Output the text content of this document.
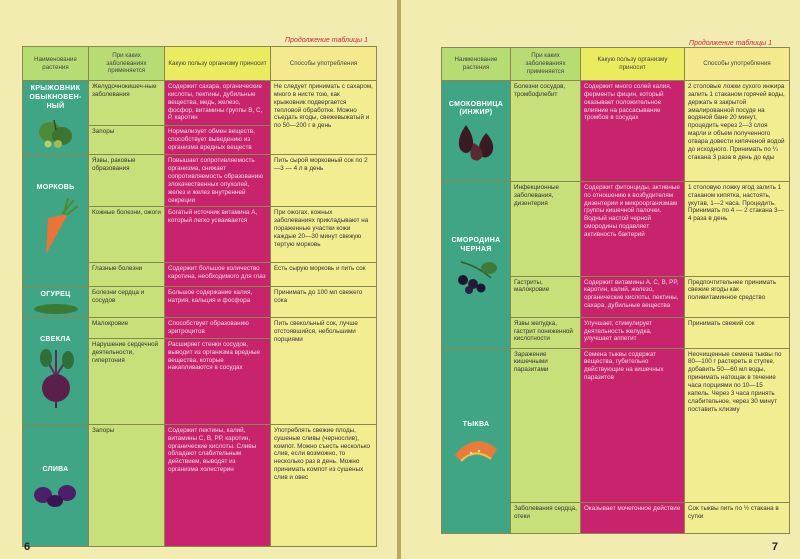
Продолжение таблицы 1
Наименование растения	При каких заболеваниях применяется	Какую пользу организму приносит	Способы употребления

КРЫЖОВНИК ОБЫКНОВЕН-НЫЙ	Желудочнокишеч-ные заболевания	Содержит сахара, органические кислоты, пектины, дубильные вещества, медь, железо, фосфор, витамины группы В, С, Р, каротин	Не следует принимать с сахаром, много в нисте тою, как крыжовник подвергается тепловой обработке. Можно съедать ягоды, свежевыжатый и по 50—200 г в день
	Запоры	Нормализует обмен веществ, способствует выведению из организма вредных веществ	

МОРКОВЬ	Язвы, раковые образования	Повышает сопротивляемость организма, снижает сопротивляемость образованию злокачественных опухолей, желез и желез внутренней секреции	Пить сырой морковный сок по 2—3 — 4 л в день
	Кожные болезни, ожоги	Богатый источник витамина А, который легко усваивается	При ожогах, кожных заболеваниях прикладывают на пораженные участки кожи каждые 20—30 минут свежую тертую морковь
	Глазные болезни	Содержит большое количество каротина, необходимого для глаз	Есть сырую морковь и пить сок

ОГУРЕЦ	Болезни сердца и сосудов	Большое содержание калия, натрия, кальция и фосфора	Принимать до 100 мл свежего сока

СВЕКЛА	Малокровие	Способствует образованию эритроцитов	Пить свекольный сок, лучше отстоявшийся, небольшими порциями
	Нарушение сердечной деятельности, гипертония	Расширяет стенки сосудов, выводит из организма вредные вещества, которые накапливаются в сосудах	

СЛИВА	Запоры	Содержит пектины, калий, витамины С, В, РР, каротин, органические кислоты. Сливы обладают слабительным действием, выводят из организма холестерин	Употреблять свежие плоды, сушеные сливы (чернослив), компот. Можно съесть несколько слив, если возможно, то несколько раз в день. Можно принимать компот из сушеных слив и овес
6
Продолжение таблицы 1
Наименование растения	При каких заболеваниях применяется	Какую пользу организму приносит	Способы употребления

СМОКОВНИЦА (ИНЖИР)	Болезни сосудов, тромбофлебит	Содержит много солей калия, ферменты фицин, который оказывает положительное влияние на рассасывание тромбов в сосудах	2 столовые ложки сухого инжира залить 1 стаканом горячей воды, держать в закрытой эмалированной посуде на водяной бане 20 минут, процедить через 2—3 слоя марли и объем полученного отвара довести кипяченой водой до исходного. Принимать по ¼ стакана 3 раза в день до еды

СМОРОДИНА ЧЕРНАЯ	Инфекционные заболевания, дизентерия	Содержит фитонциды, активные по отношению к возбудителям дизентерии и микроорганизмам группы кишечной палочки. Водный настой черной смородины подавляет активность бактерий	1 столовую ложку ягод залить 1 стаканом кипятка, настоять, укутав, 1—2 часа. Процедить. Принимать по 4 — 2 стакана 3—4 раза в день
	Гастриты, малокровие	Содержит витамины А, С, В, РР, каротин, калий, железо, органические кислоты, пектины, сахара, дубильные вещества	Предпочтительнее принимать свежие ягоды как поливитаминное средство
	Язвы желудка, гастрит пониженной кислотности	Улучшает, стимулирует деятельность желудка, улучшает аппетит	Принимать свежий сок

ТЫКВА	Заражение кишечными паразитами	Семена тыквы содержат вещества, губительно действующие на кишечных паразитов	Неочищенные семена тыквы по 80—100 г растереть в ступке, добавить 50—60 мл воды, принимать натощак в течение часа порциями по 10—15 капель. Через 3 часа принять слабительное, через 30 минут поставить клизму
	Заболевания сердца, отеки	Оказывает мочегонное действие	Сок тыквы пить по ½ стакана в сутки
7
